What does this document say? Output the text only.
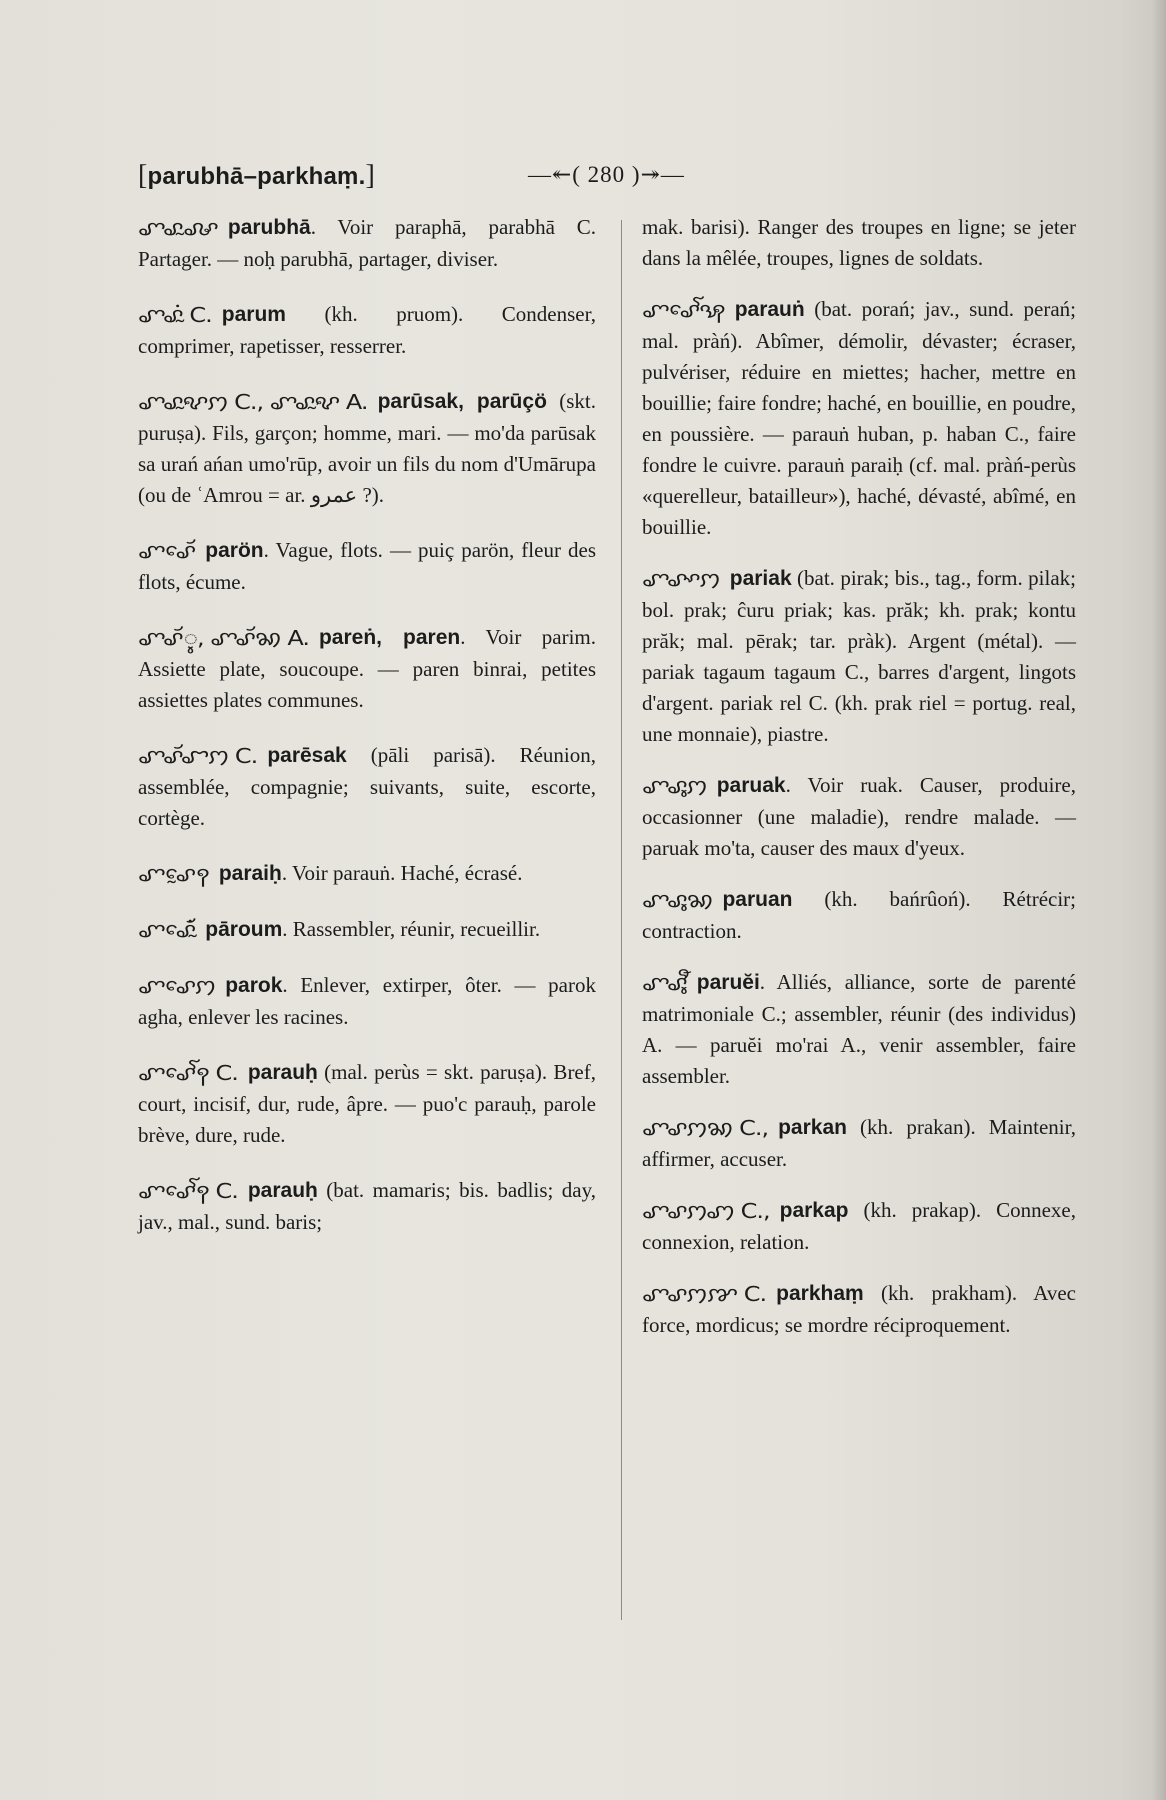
[parubhā–parkhaṃ.]	—↞( 280 )↠—

ꨚꨣꨭꨜ parubhā. Voir paraphā, parabhā C. Partager. — noḥ parubhā, partager, diviser.

ꨚꨣꨭꩌ C. parum (kh. pruom). Condenser, comprimer, rapetisser, resserrer.

ꨚꨣꨭꨦꩀ C., ꨚꨣꨭꨦ A. parūsak, parūçö (skt. puruṣa). Fils, garçon; homme, mari. — mo'da parūsak sa urań ańan umo'rūp, avoir un fils du nom d'Umārupa (ou de ʿAmrou = ar. عمرو ?).

ꨚꨣꨯꨮ parön. Vague, flots. — puiç parön, fleur des flots, écume.

ꨚꨣꨮꨶ, ꨚꨣꨮꩆ A. pareṅ, paren. Voir parim. Assiette plate, soucoupe. — paren binrai, petites assiettes plates communes.

ꨚꨣꨮꨧꩀ C. parēsak (pāli parisā). Réunion, assemblée, compagnie; suivants, suite, escorte, cortège.

ꨚꨣꨰꩍ paraiḥ. Voir parauṅ. Haché, écrasé.

ꨚꨣꨯꨮꨭꩌ pāroum. Rassembler, réunir, recueillir.

ꨚꨣꨯꩀ parok. Enlever, extirper, ôter. — parok agha, enlever les racines.

ꨚꨣꨯꨱꩍ C. parauḥ (mal. perùs = skt. paruṣa). Bref, court, incisif, dur, rude, âpre. — puo'c parauḥ, parole brève, dure, rude.

ꨚꨣꨯꨱꩍ C. parauḥ (bat. mamaris; bis. badlis; day, jav., mal., sund. baris;

mak. barisi). Ranger des troupes en ligne; se jeter dans la mêlée, troupes, lignes de soldats.

ꨚꨣꨯꨱꩂ parauṅ (bat. porań; jav., sund. perań; mal. pràń). Abîmer, démolir, dévaster; écraser, pulvériser, réduire en miettes; hacher, mettre en bouillie; faire fondre; haché, en bouillie, en poudre, en poussière. — parauṅ huban, p. haban C., faire fondre le cuivre. parauṅ paraiḥ (cf. mal. pràń-perùs «querelleur, batailleur»), haché, dévasté, abîmé, en bouillie.

ꨚꨣꨳꩀ pariak (bat. pirak; bis., tag., form. pilak; bol. prak; ĉuru priak; kas. prăk; kh. prak; kontu prăk; mal. pērak; tar. pràk). Argent (métal). — pariak tagaum tagaum C., barres d'argent, lingots d'argent. pariak rel C. (kh. prak riel = portug. real, une monnaie), piastre.

ꨚꨣꨶꩀ paruak. Voir ruak. Causer, produire, occasionner (une maladie), rendre malade. — paruak mo'ta, causer des maux d'yeux.

ꨚꨣꨶꩆ paruan (kh. bańrûoń). Rétrécir; contraction.

ꨚꨣꨶꨬ paruĕi. Alliés, alliance, sorte de parenté matrimoniale C.; assembler, réunir (des individus) A. — paruĕi mo'rai A., venir assembler, faire assembler.

ꨚꨣꩀꩆ C., parkan (kh. prakan). Maintenir, affirmer, accuser.

ꨚꨣꩀꩇ C., parkap (kh. prakap). Connexe, connexion, relation.

ꨚꨣꩀꨇ C. parkhaṃ (kh. prakham). Avec force, mordicus; se mordre réciproquement.
